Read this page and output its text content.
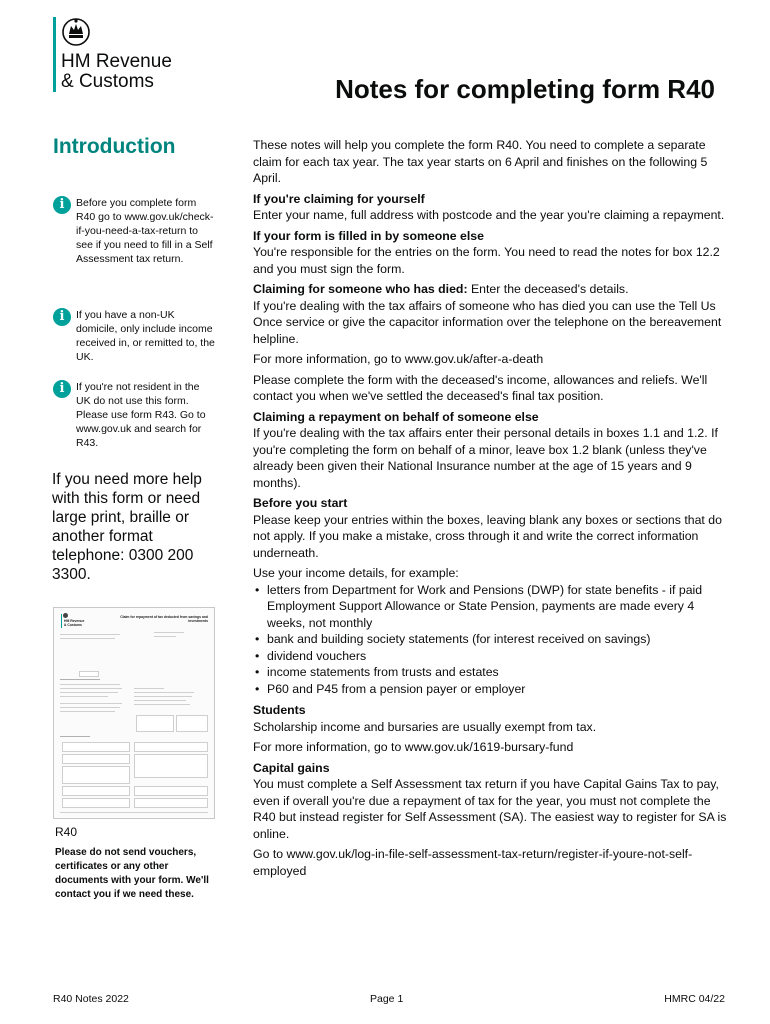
HM Revenue
& Customs	Notes for completing form R40
Introduction
i	Before you complete form R40 go to www.gov.uk/check-if-you-need-a-tax-return to see if you need to fill in a Self Assessment tax return.
i	If you have a non-UK domicile, only include income received in, or remitted to, the UK.
i	If you're not resident in the UK do not use this form. Please use form R43. Go to www.gov.uk and search for R43.
If you need more help with this form or need large print, braille or another format telephone: 0300 200 3300.
HM Revenue
& Customs
Claim for repayment of tax deducted from savings and investments
R40
Please do not send vouchers, certificates or any other documents with your form. We'll contact you if we need these.

These notes will help you complete the form R40. You need to complete a separate claim for each tax year. The tax year starts on 6 April and finishes on the following 5 April.

If you're claiming for yourself

Enter your name, full address with postcode and the year you're claiming a repayment.

If your form is filled in by someone else

You're responsible for the entries on the form. You need to read the notes for box 12.2 and you must sign the form.

Claiming for someone who has died: Enter the deceased's details.

If you're dealing with the tax affairs of someone who has died you can use the Tell Us Once service or give the capacitor information over the telephone on the bereavement helpline.

For more information, go to www.gov.uk/after-a-death

Please complete the form with the deceased's income, allowances and reliefs. We'll contact you when we've settled the deceased's final tax position.

Claiming a repayment on behalf of someone else

If you're dealing with the tax affairs enter their personal details in boxes 1.1 and 1.2. If you're completing the form on behalf of a minor, leave box 1.2 blank (unless they've already been given their National Insurance number at the age of 15 years and 9 months).

Before you start

Please keep your entries within the boxes, leaving blank any boxes or sections that do not apply. If you make a mistake, cross through it and write the correct information underneath.

Use your income details, for example:

• letters from Department for Work and Pensions (DWP) for state benefits - if paid Employment Support Allowance or State Pension, payments are made every 4 weeks, not monthly
• bank and building society statements (for interest received on savings)
• dividend vouchers
• income statements from trusts and estates
• P60 and P45 from a pension payer or employer

Students

Scholarship income and bursaries are usually exempt from tax.

For more information, go to www.gov.uk/1619-bursary-fund

Capital gains

You must complete a Self Assessment tax return if you have Capital Gains Tax to pay, even if overall you're due a repayment of tax for the year, you must not complete the R40 but instead register for Self Assessment (SA). The easiest way to register for SA is online.

Go to www.gov.uk/log-in-file-self-assessment-tax-return/register-if-youre-not-self-employed

R40 Notes 2022	Page 1	HMRC 04/22
